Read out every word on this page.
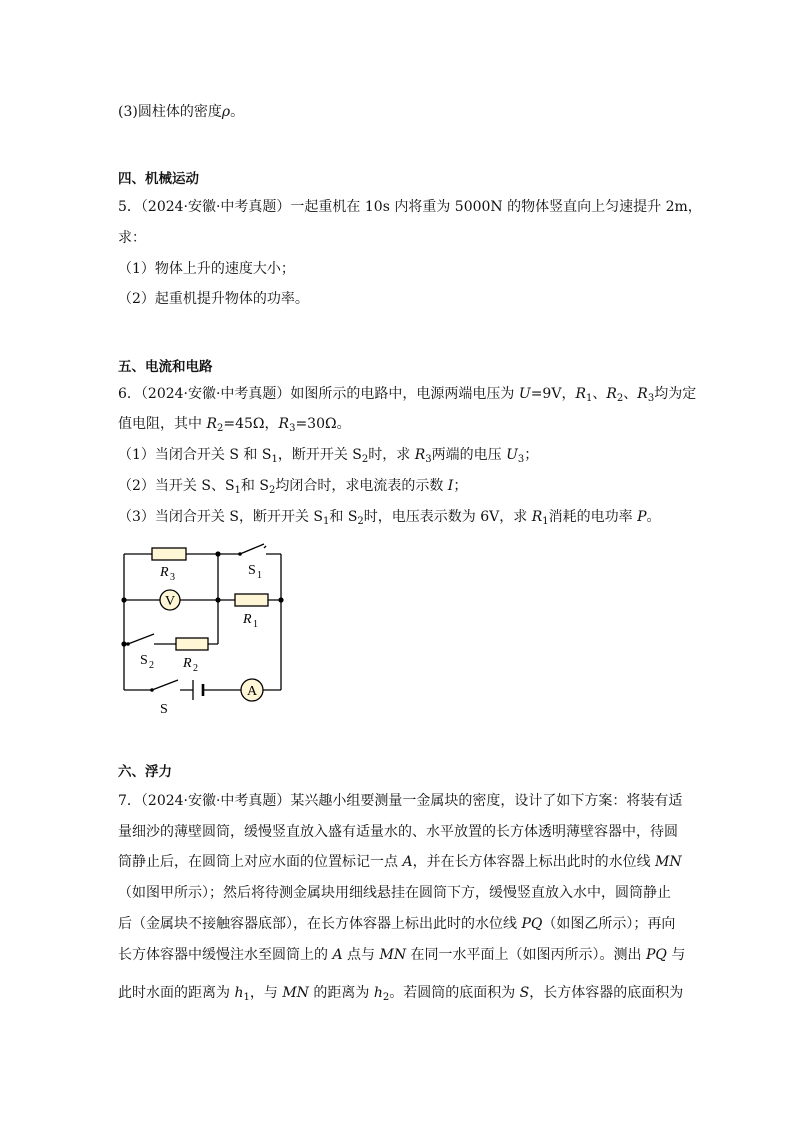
(3)圆柱体的密度ρ。
四、机械运动
5．（2024·安徽·中考真题）一起重机在 10s 内将重为 5000N 的物体竖直向上匀速提升 2m，
求：
（1）物体上升的速度大小；
（2）起重机提升物体的功率。
五、电流和电路
6．（2024·安徽·中考真题）如图所示的电路中，电源两端电压为 U=9V，$R_1$、$R_2$、$R_3$均为定
值电阻，其中 $R_2=45\Omega$，$R_3=30\Omega$。
（1）当闭合开关 S 和 $S_1$，断开开关 $S_2$时，求 $R_3$两端的电压 $U_3$；
（2）当开关 S、$S_1$和 $S_2$均闭合时，求电流表的示数 I；
（3）当闭合开关 S，断开开关 $S_1$和 $S_2$时，电压表示数为 6V，求 $R_1$消耗的电功率 P。
V
A
R 3	S 1
R 1
S 2 R 2
S
六、浮力
7．（2024·安徽·中考真题）某兴趣小组要测量一金属块的密度，设计了如下方案：将装有适
量细沙的薄壁圆筒，缓慢竖直放入盛有适量水的、水平放置的长方体透明薄壁容器中，待圆
筒静止后，在圆筒上对应水面的位置标记一点 A，并在长方体容器上标出此时的水位线 MN
（如图甲所示）；然后将待测金属块用细线悬挂在圆筒下方，缓慢竖直放入水中，圆筒静止
后（金属块不接触容器底部），在长方体容器上标出此时的水位线 PQ（如图乙所示）；再向
长方体容器中缓慢注水至圆筒上的 A 点与 MN 在同一水平面上（如图丙所示）。测出 PQ 与
此时水面的距离为 $h_1$，与 MN 的距离为 $h_2$。若圆筒的底面积为 S，长方体容器的底面积为
